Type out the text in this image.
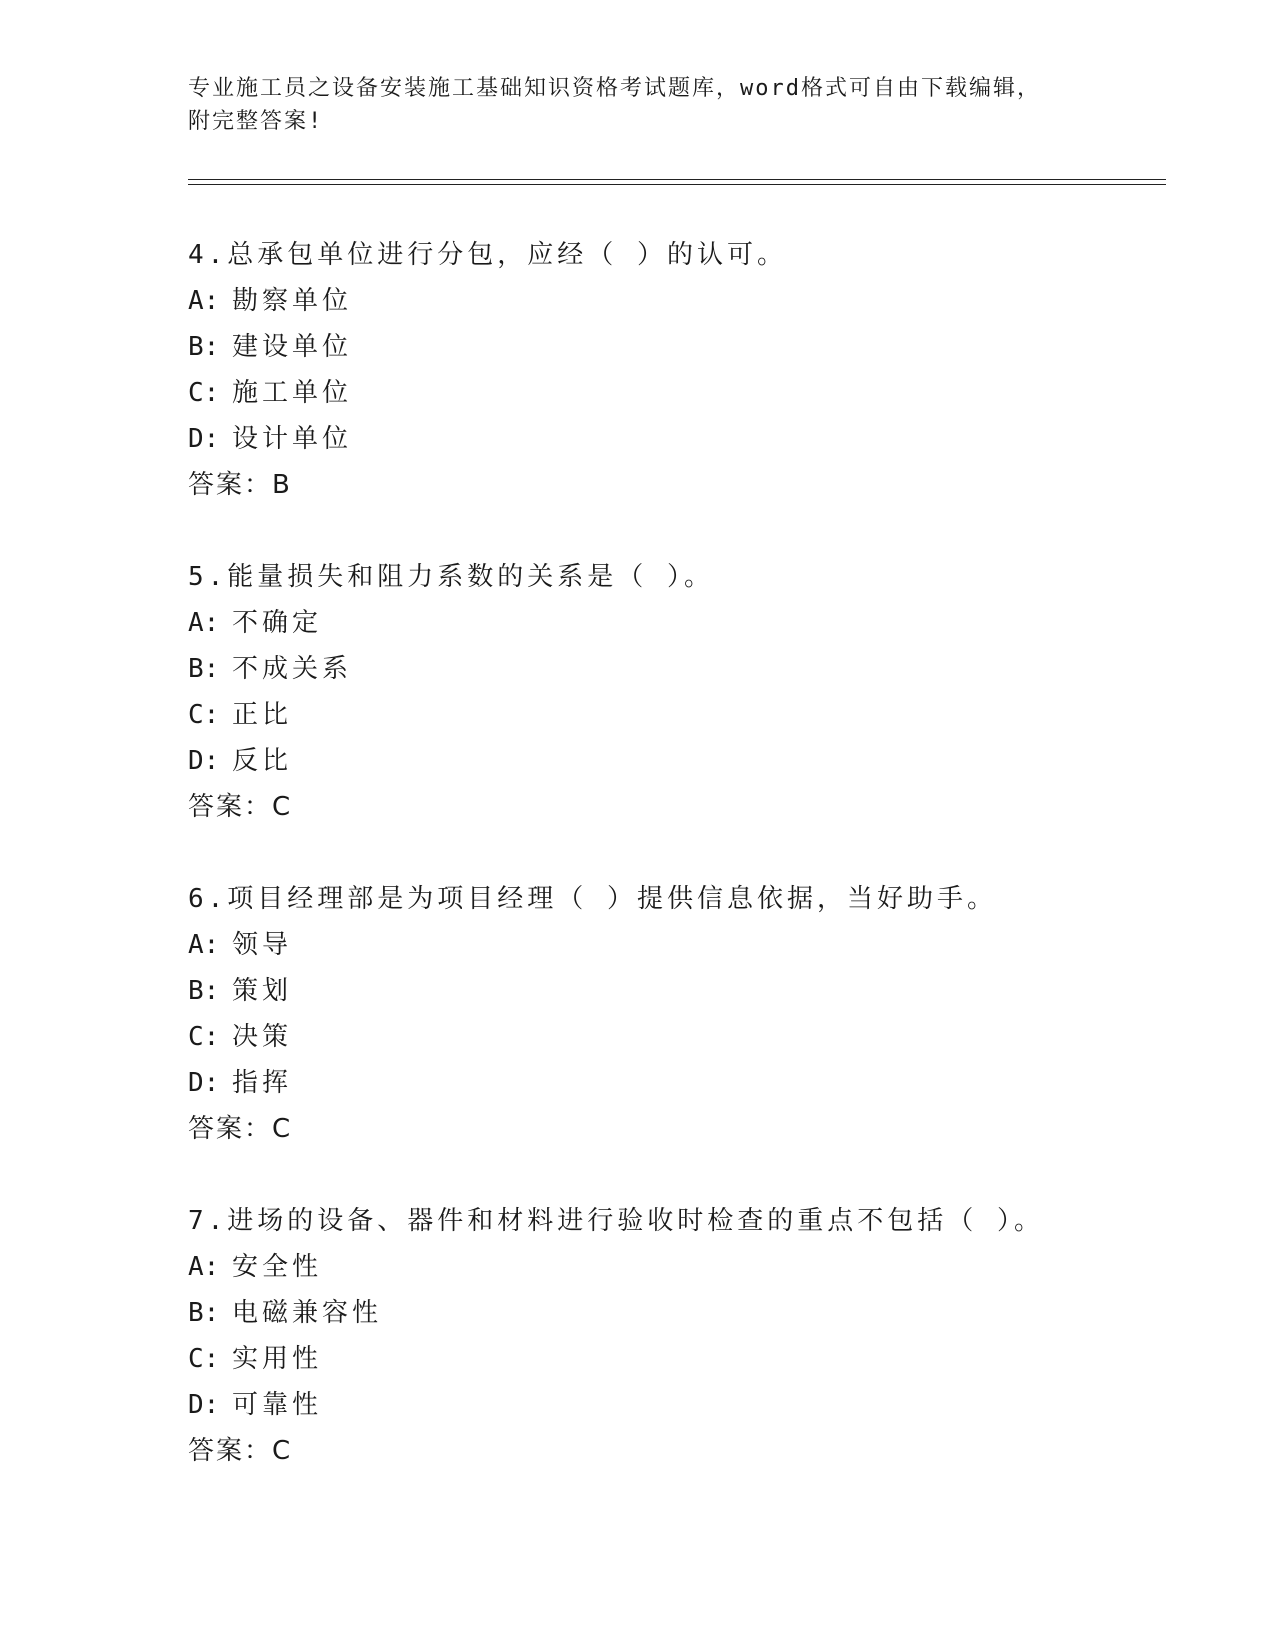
专业施工员之设备安装施工基础知识资格考试题库，word格式可自由下载编辑，
附完整答案!
4.总承包单位进行分包，应经（ ）的认可。
A: 勘察单位
B: 建设单位
C: 施工单位
D: 设计单位
答案：B
5.能量损失和阻力系数的关系是（ ）。
A: 不确定
B: 不成关系
C: 正比
D: 反比
答案：C
6.项目经理部是为项目经理（ ）提供信息依据，当好助手。
A: 领导
B: 策划
C: 决策
D: 指挥
答案：C
7.进场的设备、器件和材料进行验收时检查的重点不包括（ ）。
A: 安全性
B: 电磁兼容性
C: 实用性
D: 可靠性
答案：C
